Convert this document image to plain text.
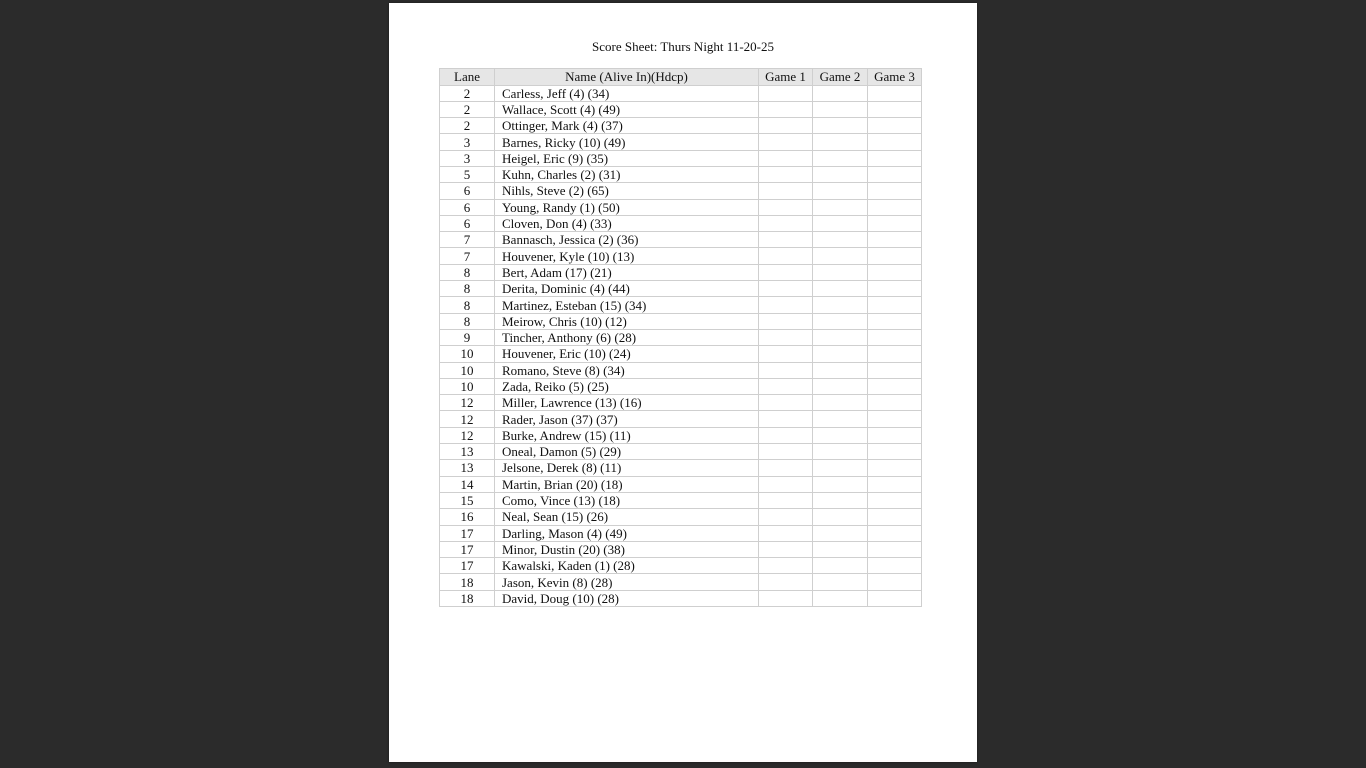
Score Sheet: Thurs Night 11-20-25
Lane	Name (Alive In)(Hdcp)	Game 1	Game 2	Game 3
2	Carless, Jeff (4) (34)			
2	Wallace, Scott (4) (49)			
2	Ottinger, Mark (4) (37)			
3	Barnes, Ricky (10) (49)			
3	Heigel, Eric (9) (35)			
5	Kuhn, Charles (2) (31)			
6	Nihls, Steve (2) (65)			
6	Young, Randy (1) (50)			
6	Cloven, Don (4) (33)			
7	Bannasch, Jessica (2) (36)			
7	Houvener, Kyle (10) (13)			
8	Bert, Adam (17) (21)			
8	Derita, Dominic (4) (44)			
8	Martinez, Esteban (15) (34)			
8	Meirow, Chris (10) (12)			
9	Tincher, Anthony (6) (28)			
10	Houvener, Eric (10) (24)			
10	Romano, Steve (8) (34)			
10	Zada, Reiko (5) (25)			
12	Miller, Lawrence (13) (16)			
12	Rader, Jason (37) (37)			
12	Burke, Andrew (15) (11)			
13	Oneal, Damon (5) (29)			
13	Jelsone, Derek (8) (11)			
14	Martin, Brian (20) (18)			
15	Como, Vince (13) (18)			
16	Neal, Sean (15) (26)			
17	Darling, Mason (4) (49)			
17	Minor, Dustin (20) (38)			
17	Kawalski, Kaden (1) (28)			
18	Jason, Kevin (8) (28)			
18	David, Doug (10) (28)			
